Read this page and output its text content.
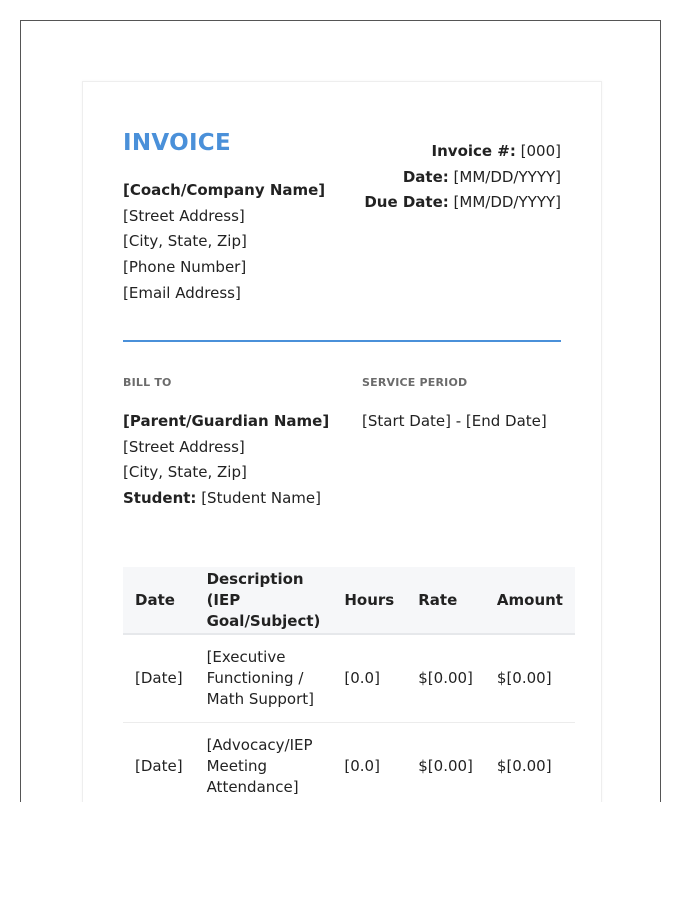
INVOICE
[Coach/Company Name]
[Street Address]
[City, State, Zip]
[Phone Number]
[Email Address]
Invoice #: [000]
Date: [MM/DD/YYYY]
Due Date: [MM/DD/YYYY]
BILL TO	SERVICE PERIOD
[Parent/Guardian Name]
[Street Address]
[City, State, Zip]
Student: [Student Name]
[Start Date] - [End Date]
Date	Description (IEP Goal/Subject)	Hours	Rate	Amount
[Date]	[Executive Functioning / Math Support]	[0.0]	$[0.00]	$[0.00]
[Date]	[Advocacy/IEP Meeting Attendance]	[0.0]	$[0.00]	$[0.00]
